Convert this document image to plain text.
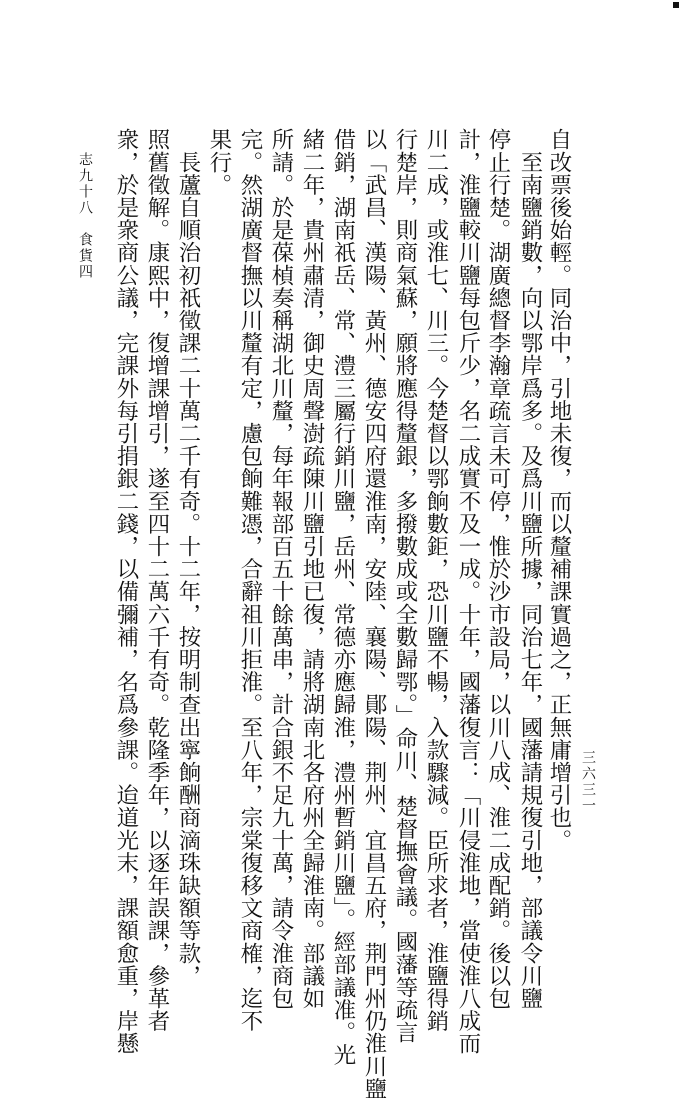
志九十八　食貨四
三六三一
自改票後始輕。同治中，引地未復，而以釐補課實過之，正無庸增引也。
　至南鹽銷數，向以鄂岸爲多。及爲川鹽所據，同治七年，國藩請規復引地，部議令川鹽
停止行楚。湖廣總督李瀚章疏言未可停，惟於沙市設局，以川八成、淮二成配銷。後以包
計，淮鹽較川鹽每包斤少，名二成實不及一成。十年，國藩復言：「川侵淮地，當使淮八成而
川二成，或淮七、川三。今楚督以鄂餉數鉅，恐川鹽不暢，入款驟減。臣所求者，淮鹽得銷
行楚岸，則商氣蘇，願將應得釐銀，多撥數成或全數歸鄂。」命川、楚督撫會議。國藩等疏言
以「武昌、漢陽、黃州、德安四府還淮南，安陸、襄陽、鄖陽、荆州、宜昌五府，荆門州仍淮川鹽
借銷，湖南祇岳、常、澧三屬行銷川鹽，岳州、常德亦應歸淮，澧州暫銷川鹽」。經部議准。光
緒二年，貴州肅清，御史周聲澍疏陳川鹽引地已復，請將湖南北各府州全歸淮南。部議如
所請。於是葆楨奏稱湖北川釐，每年報部百五十餘萬串，計合銀不足九十萬，請令淮商包
完。然湖廣督撫以川釐有定，慮包餉難憑，合辭祖川拒淮。至八年，宗棠復移文商榷，迄不
果行。
　長蘆自順治初祇徵課二十萬二千有奇。十二年，按明制查出寧餉酬商滴珠缺額等款，
照舊徵解。康熙中，復增課增引，遂至四十二萬六千有奇。乾隆季年，以逐年誤課，參革者
衆，於是衆商公議，完課外每引捐銀二錢，以備彌補，名爲參課。迨道光末，課額愈重，岸懸
